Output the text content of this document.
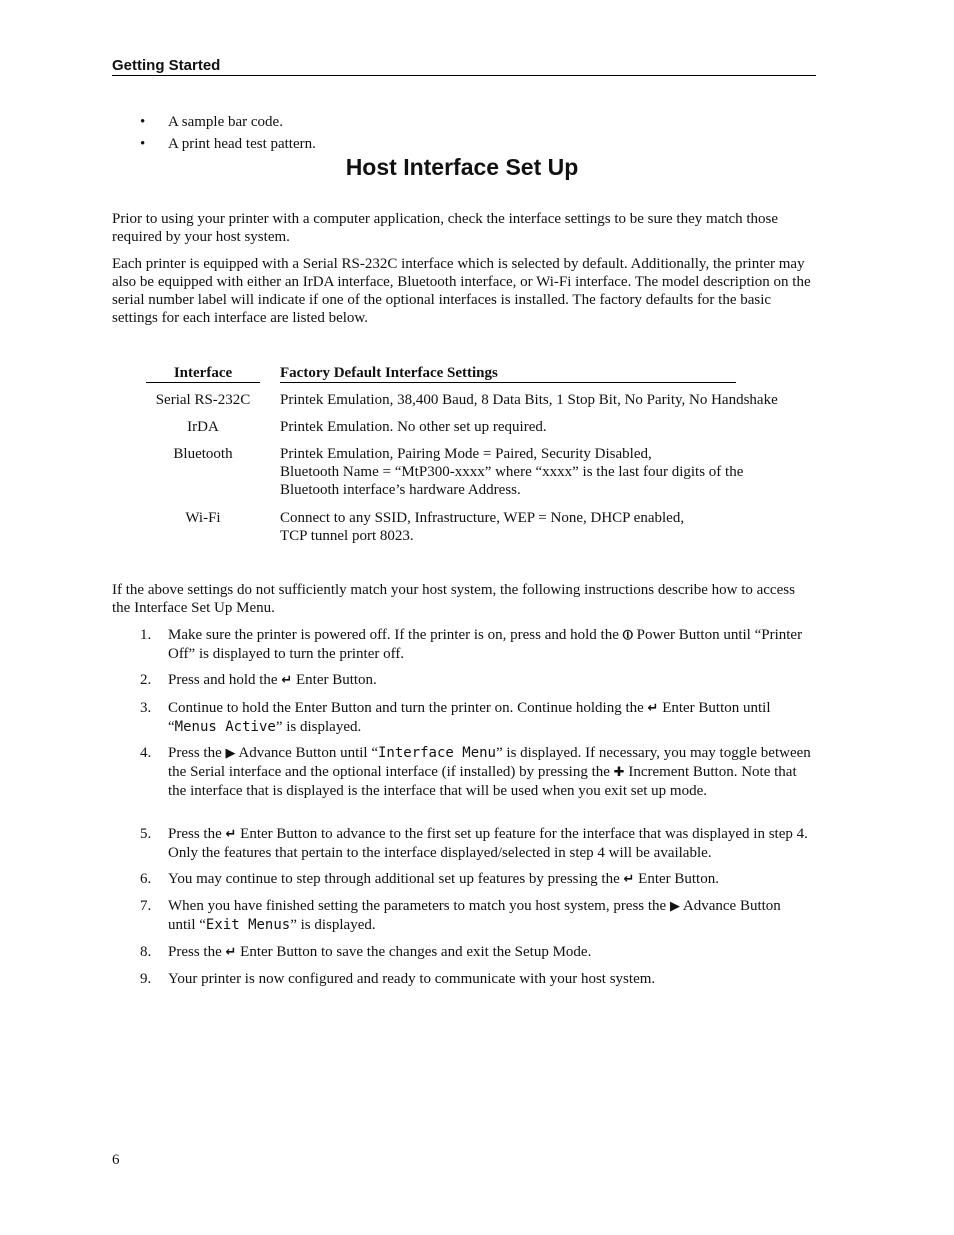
Getting Started
• A sample bar code.
• A print head test pattern.
Host Interface Set Up

Prior to using your printer with a computer application, check the interface settings to be sure they match those required by your host system.

Each printer is equipped with a Serial RS-232C interface which is selected by default. Additionally, the printer may also be equipped with either an IrDA interface, Bluetooth interface, or Wi-Fi interface. The model description on the serial number label will indicate if one of the optional interfaces is installed. The factory defaults for the basic settings for each interface are listed below.

Interface	Factory Default Interface Settings
Serial RS-232C	Printek Emulation, 38,400 Baud, 8 Data Bits, 1 Stop Bit, No Parity, No Handshake
IrDA	Printek Emulation. No other set up required.
Bluetooth	Printek Emulation, Pairing Mode = Paired, Security Disabled,
Bluetooth Name = “MtP300-xxxx” where “xxxx” is the last four digits of the
Bluetooth interface’s hardware Address.
Wi-Fi	Connect to any SSID, Infrastructure, WEP = None, DHCP enabled,
TCP tunnel port 8023.

If the above settings do not sufficiently match your host system, the following instructions describe how to access the Interface Set Up Menu.

1.	Make sure the printer is powered off. If the printer is on, press and hold the ⏼ Power Button until “Printer Off” is displayed to turn the printer off.
2.	Press and hold the ↵ Enter Button.
3.	Continue to hold the Enter Button and turn the printer on. Continue holding the ↵ Enter Button until “Menus Active” is displayed.
4.	Press the ▶ Advance Button until “Interface Menu” is displayed. If necessary, you may toggle between the Serial interface and the optional interface (if installed) by pressing the ✚ Increment Button. Note that the interface that is displayed is the interface that will be used when you exit set up mode.
5.	Press the ↵ Enter Button to advance to the first set up feature for the interface that was displayed in step 4. Only the features that pertain to the interface displayed/selected in step 4 will be available.
6.	You may continue to step through additional set up features by pressing the ↵ Enter Button.
7.	When you have finished setting the parameters to match you host system, press the ▶ Advance Button until “Exit Menus” is displayed.
8.	Press the ↵ Enter Button to save the changes and exit the Setup Mode.
9.	Your printer is now configured and ready to communicate with your host system.
6
